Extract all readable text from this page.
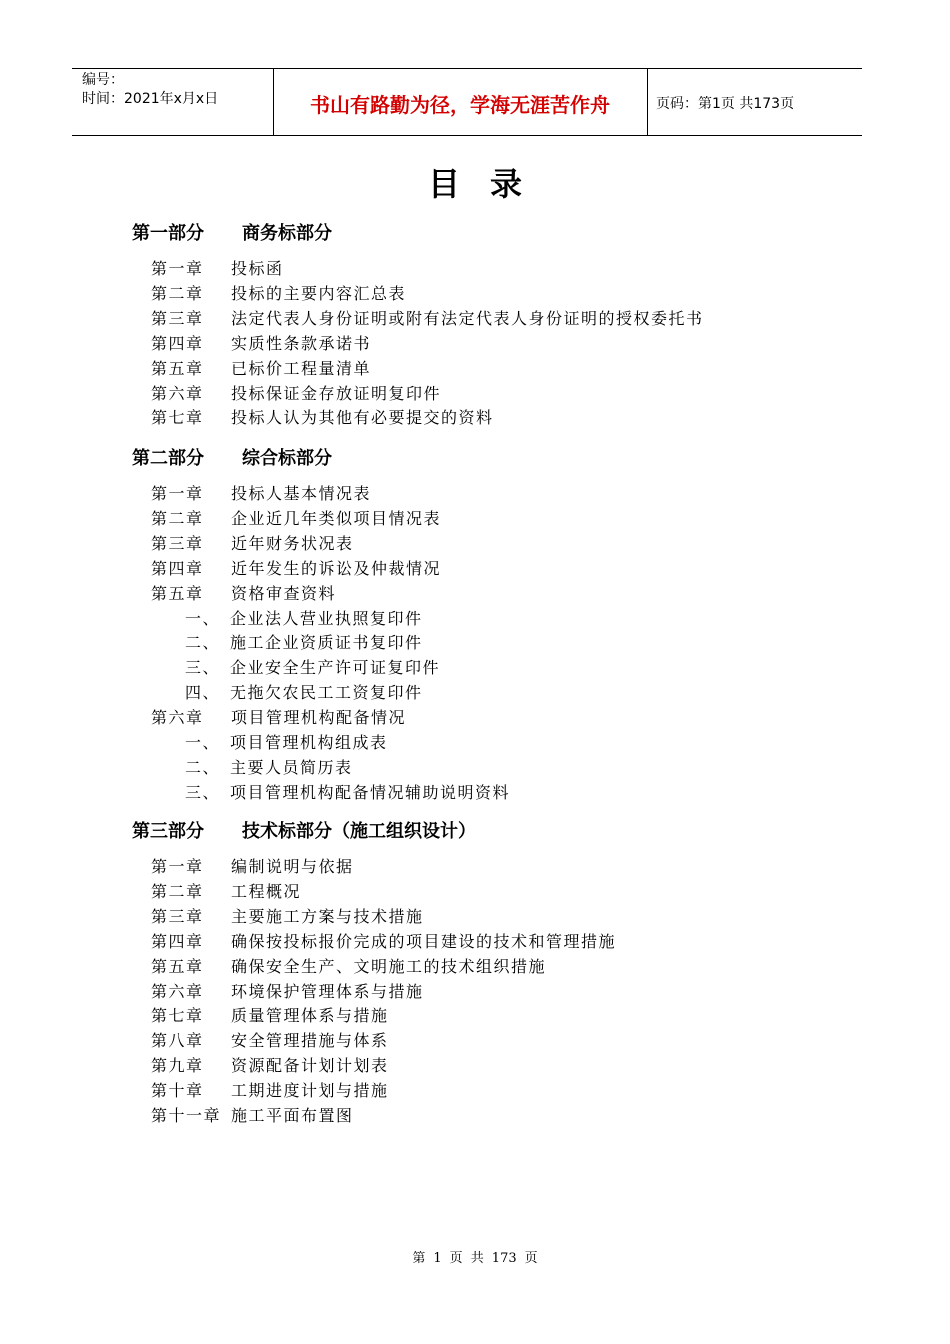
编号：
时间：2021年x月x日	书山有路勤为径，学海无涯苦作舟	页码：第1页 共173页
目录
第一部分 商务标部分
第一章 投标函
第二章 投标的主要内容汇总表
第三章 法定代表人身份证明或附有法定代表人身份证明的授权委托书
第四章 实质性条款承诺书
第五章 已标价工程量清单
第六章 投标保证金存放证明复印件
第七章 投标人认为其他有必要提交的资料
第二部分 综合标部分
第一章 投标人基本情况表
第二章 企业近几年类似项目情况表
第三章 近年财务状况表
第四章 近年发生的诉讼及仲裁情况
第五章 资格审查资料
一、 企业法人营业执照复印件
二、 施工企业资质证书复印件
三、 企业安全生产许可证复印件
四、 无拖欠农民工工资复印件
第六章 项目管理机构配备情况
一、 项目管理机构组成表
二、 主要人员简历表
三、 项目管理机构配备情况辅助说明资料
第三部分 技术标部分（施工组织设计）
第一章 编制说明与依据
第二章 工程概况
第三章 主要施工方案与技术措施
第四章 确保按投标报价完成的项目建设的技术和管理措施
第五章 确保安全生产、文明施工的技术组织措施
第六章 环境保护管理体系与措施
第七章 质量管理体系与措施
第八章 安全管理措施与体系
第九章 资源配备计划计划表
第十章 工期进度计划与措施
第十一章 施工平面布置图
第 1 页 共 173 页
